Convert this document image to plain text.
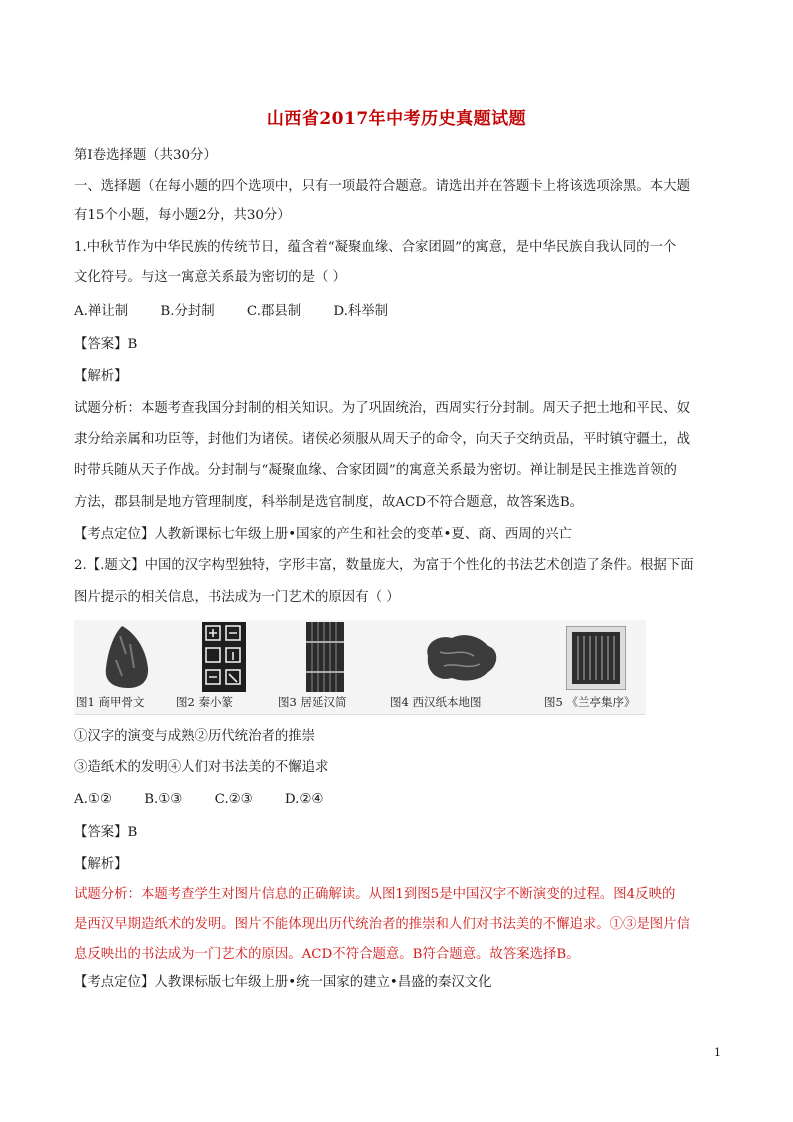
山西省2017年中考历史真题试题
第Ⅰ卷选择题（共30分）
一、选择题（在每小题的四个选项中，只有一项最符合题意。请选出并在答题卡上将该选项涂黑。本大题
有15个小题，每小题2分，共30分）
1.中秋节作为中华民族的传统节日，蕴含着“凝聚血缘、合家团圆”的寓意，是中华民族自我认同的一个
文化符号。与这一寓意关系最为密切的是（ ）
A.禅让制 B.分封制 C.郡县制 D.科举制
【答案】B
【解析】
试题分析：本题考查我国分封制的相关知识。为了巩固统治，西周实行分封制。周天子把土地和平民、奴
隶分给亲属和功臣等，封他们为诸侯。诸侯必须服从周天子的命令，向天子交纳贡品，平时镇守疆土，战
时带兵随从天子作战。分封制与“凝聚血缘、合家团圆”的寓意关系最为密切。禅让制是民主推选首领的
方法，郡县制是地方管理制度，科举制是选官制度，故ACD不符合题意，故答案选B。
【考点定位】人教新课标七年级上册•国家的产生和社会的变革•夏、商、西周的兴亡
2.【.题文】中国的汉字构型独特，字形丰富，数量庞大，为富于个性化的书法艺术创造了条件。根据下面
图片提示的相关信息，书法成为一门艺术的原因有（ ）
图1 商甲骨文	图2 秦小篆	图3 居延汉简	图4 西汉纸本地图	图5 《兰亭集序》
①汉字的演变与成熟②历代统治者的推崇
③造纸术的发明④人们对书法美的不懈追求
A.①② B.①③ C.②③ D.②④
【答案】B
【解析】
试题分析：本题考查学生对图片信息的正确解读。从图1到图5是中国汉字不断演变的过程。图4反映的
是西汉早期造纸术的发明。图片不能体现出历代统治者的推崇和人们对书法美的不懈追求。①③是图片信
息反映出的书法成为一门艺术的原因。ACD不符合题意。B符合题意。故答案选择B。
【考点定位】人教课标版七年级上册•统一国家的建立•昌盛的秦汉文化
1
